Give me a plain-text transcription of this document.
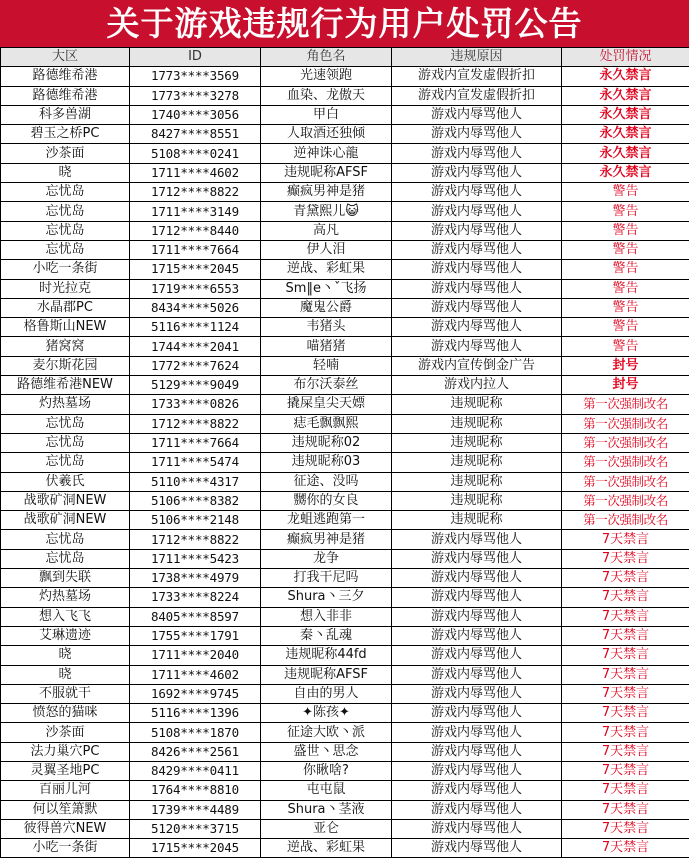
关于游戏违规行为用户处罚公告
大区	ID	角色名	违规原因	处罚情况
路德维希港	1773****3569	光速领跑	游戏内宣发虚假折扣	永久禁言
路德维希港	1773****3278	血染、龙傲天	游戏内宣发虚假折扣	永久禁言
科多兽湖	1740****3056	甲白	游戏内辱骂他人	永久禁言
碧玉之桥PC	8427****8551	人取酒还独倾	游戏内辱骂他人	永久禁言
沙茶面	5108****0241	逆神诛心龍	游戏内辱骂他人	永久禁言
晓	1711****4602	违规昵称AFSF	游戏内辱骂他人	永久禁言
忘忧岛	1712****8822	癫疯男神是猪	游戏内辱骂他人	警告
忘忧岛	1711****3149	青黛熙儿😺	游戏内辱骂他人	警告
忘忧岛	1712****8440	高凡	游戏内辱骂他人	警告
忘忧岛	1711****7664	伊人泪	游戏内辱骂他人	警告
小吃一条街	1715****2045	逆战、彩虹果	游戏内辱骂他人	警告
时光拉克	1719****6553	Sm‖e丶ˇ飞扬	游戏内辱骂他人	警告
水晶郡PC	8434****5026	魔鬼公爵	游戏内辱骂他人	警告
格鲁斯山NEW	5116****1124	韦猪头	游戏内辱骂他人	警告
猪窝窝	1744****2041	喵猪猪	游戏内辱骂他人	警告
麦尔斯花园	1772****7624	轻喃	游戏内宣传倒金广告	封号
路德维希港NEW	5129****9049	布尔沃泰丝	游戏内拉人	封号
灼热墓场	1733****0826	撬屎皇尖天嫖	违规昵称	第一次强制改名
忘忧岛	1712****8822	痣毛飘飘熙	违规昵称	第一次强制改名
忘忧岛	1711****7664	违规昵称02	违规昵称	第一次强制改名
忘忧岛	1711****5474	违规昵称03	违规昵称	第一次强制改名
伏羲氏	5110****4317	征途、没吗	违规昵称	第一次强制改名
战歌矿洞NEW	5106****8382	嬲你的女良	违规昵称	第一次强制改名
战歌矿洞NEW	5106****2148	龙蛆逃跑第一	违规昵称	第一次强制改名
忘忧岛	1712****8822	癫疯男神是猪	游戏内辱骂他人	7天禁言
忘忧岛	1711****5423	龙争	游戏内辱骂他人	7天禁言
飘到失联	1738****4979	打我干尼吗	游戏内辱骂他人	7天禁言
灼热墓场	1733****8224	Shura丶三夕	游戏内辱骂他人	7天禁言
想入飞飞	8405****8597	想入非非	游戏内辱骂他人	7天禁言
艾琳遗迹	1755****1791	秦丶乱魂	游戏内辱骂他人	7天禁言
晓	1711****2040	违规昵称44fd	游戏内辱骂他人	7天禁言
晓	1711****4602	违规昵称AFSF	游戏内辱骂他人	7天禁言
不服就干	1692****9745	自由的男人	游戏内辱骂他人	7天禁言
愤怒的猫咪	5116****1396	✦陈孩✦	游戏内辱骂他人	7天禁言
沙茶面	5108****1870	征途大欧丶派	游戏内辱骂他人	7天禁言
法力巢穴PC	8426****2561	盛世丶思念	游戏内辱骂他人	7天禁言
灵翼圣地PC	8429****0411	你瞅啥?	游戏内辱骂他人	7天禁言
百丽儿河	1764****8810	屯屯鼠	游戏内辱骂他人	7天禁言
何以笙箫默	1739****4489	Shura丶茎液	游戏内辱骂他人	7天禁言
彼得兽穴NEW	5120****3715	亚仑	游戏内辱骂他人	7天禁言
小吃一条街	1715****2045	逆战、彩虹果	游戏内辱骂他人	7天禁言
